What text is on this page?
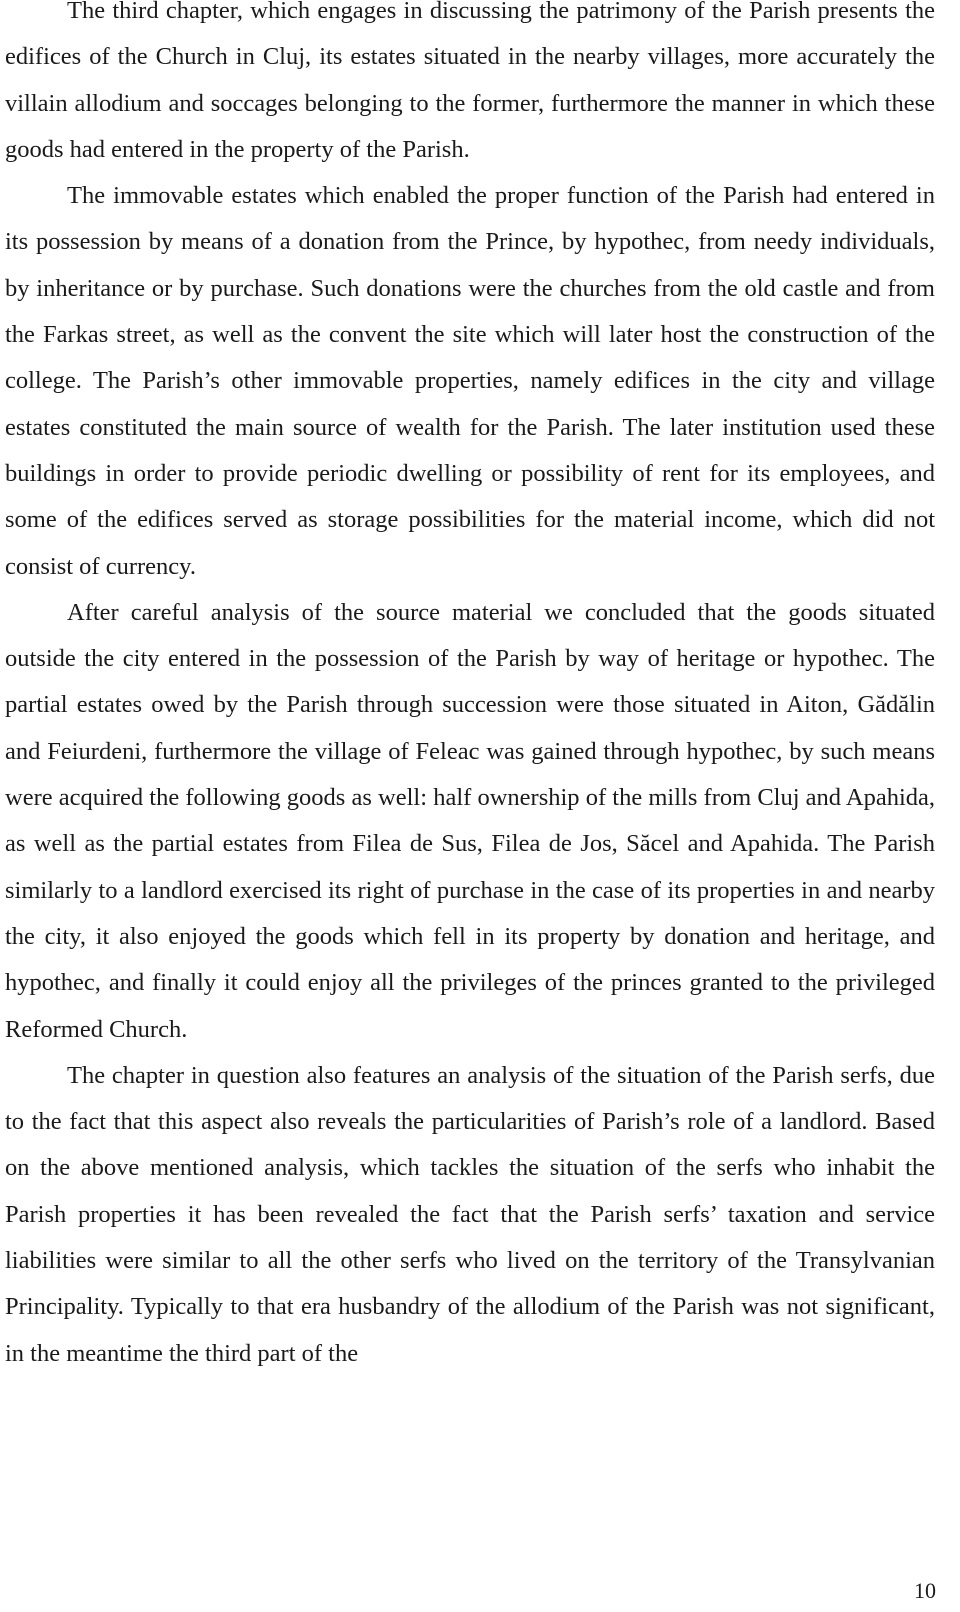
The third chapter, which engages in discussing the patrimony of the Parish presents the edifices of the Church in Cluj, its estates situated in the nearby villages, more accurately the villain allodium and soccages belonging to the former, furthermore the manner in which these goods had entered in the property of the Parish.

The immovable estates which enabled the proper function of the Parish had entered in its possession by means of a donation from the Prince, by hypothec, from needy individuals, by inheritance or by purchase. Such donations were the churches from the old castle and from the Farkas street, as well as the convent the site which will later host the construction of the college. The Parish’s other immovable properties, namely edifices in the city and village estates constituted the main source of wealth for the Parish. The later institution used these buildings in order to provide periodic dwelling or possibility of rent for its employees, and some of the edifices served as storage possibilities for the material income, which did not consist of currency.

After careful analysis of the source material we concluded that the goods situated outside the city entered in the possession of the Parish by way of heritage or hypothec. The partial estates owed by the Parish through succession were those situated in Aiton, Gădălin and Feiurdeni, furthermore the village of Feleac was gained through hypothec, by such means were acquired the following goods as well: half ownership of the mills from Cluj and Apahida, as well as the partial estates from Filea de Sus, Filea de Jos, Săcel and Apahida. The Parish similarly to a landlord exercised its right of purchase in the case of its properties in and nearby the city, it also enjoyed the goods which fell in its property by donation and heritage, and hypothec, and finally it could enjoy all the privileges of the princes granted to the privileged Reformed Church.

The chapter in question also features an analysis of the situation of the Parish serfs, due to the fact that this aspect also reveals the particularities of Parish’s role of a landlord. Based on the above mentioned analysis, which tackles the situation of the serfs who inhabit the Parish properties it has been revealed the fact that the Parish serfs’ taxation and service liabilities were similar to all the other serfs who lived on the territory of the Transylvanian Principality. Typically to that era husbandry of the allodium of the Parish was not significant, in the meantime the third part of the

10
